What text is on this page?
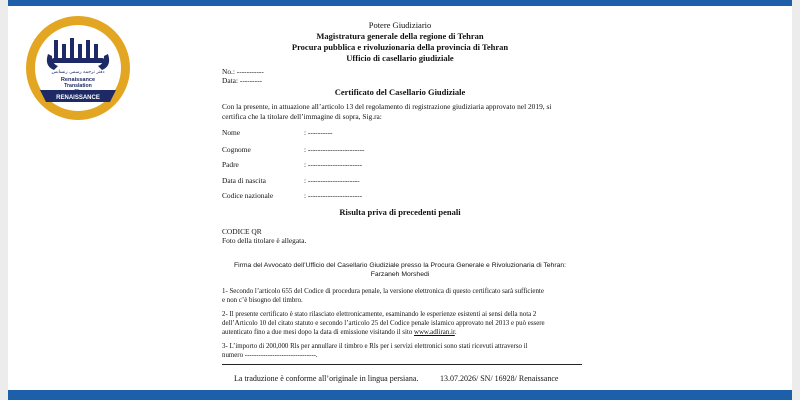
دفتر ترجمه رسمی رنسانس
Renaissance
Translation
RENAISSANCE
Potere Giudiziario
Magistratura generale della regione di Tehran
Procura pubblica e rivoluzionaria della provincia di Tehran
Ufficio di casellario giudiziale
No.: -----------
Data: ---------
Certificato del Casellario Giudiziale
Con la presente, in attuazione all’articolo 13 del regolamento di registrazione giudiziaria approvato nel 2019, si
certifica che la titolare dell’immagine di sopra, Sig.ra:
Nome	: ----------
Cognome	: -----------------------
Padre	: ----------------------
Data di nascita	: ---------------------
Codice nazionale	: ----------------------
Risulta priva di precedenti penali
CODICE QR
Foto della titolare è allegata.
Firma del Avvocato dell’Ufficio del Casellario Giudiziale presso la Procura Generale e Rivoluzionaria di Tehran:
Farzaneh Morshedi
1- Secondo l’articolo 655 del Codice di procedura penale, la versione elettronica di questo certificato sarà sufficiente
e non c’è bisogno del timbro.
2- Il presente certificato è stato rilasciato elettronicamente, esaminando le esperienze esistenti ai sensi della nota 2
dell’Articolo 10 del citato statuto e secondo l’articolo 25 del Codice penale islamico approvato nel 2013 e può essere
autenticato fino a due mesi dopo la data di emissione visitando il sito www.adliran.ir.
3- L’importo di 200,000 Rls per annullare il timbro e Rls per i servizi elettronici sono stati ricevuti attraverso il
numero -------------------------------.
La traduzione è conforme all’originale in lingua persiana.	13.07.2026/ SN/ 16928/ Renaissance
